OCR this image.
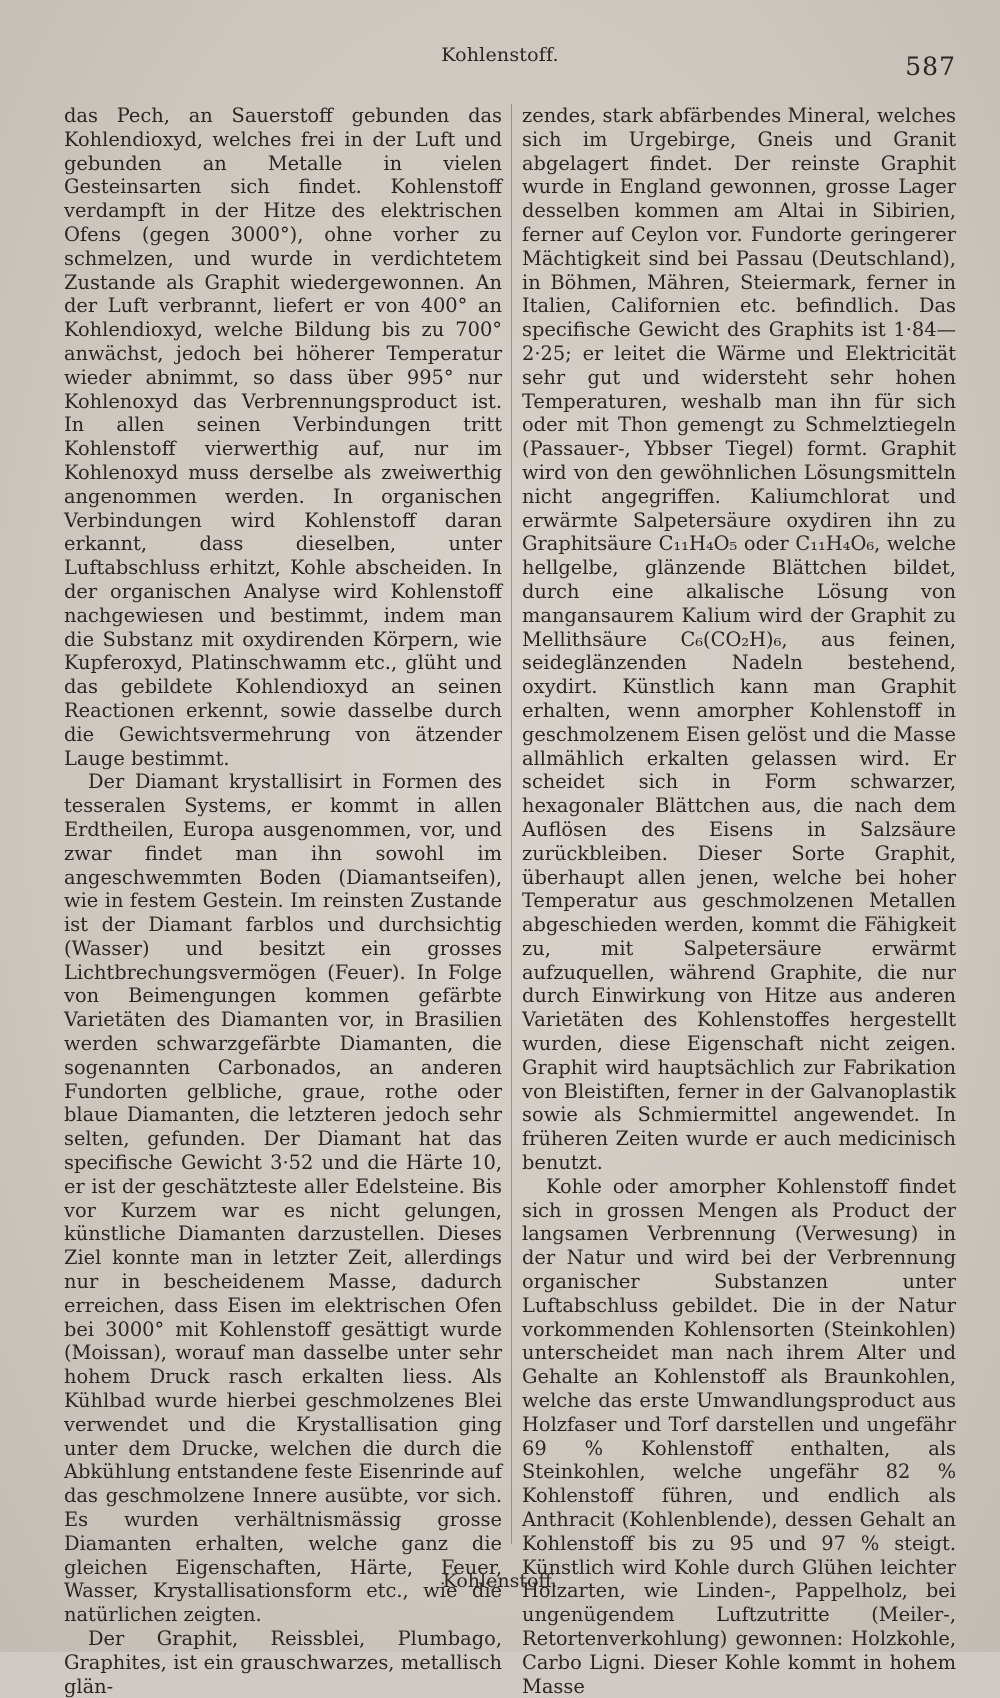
Kohlenstoff.	587

das Pech, an Sauerstoff gebunden das Kohlendioxyd, welches frei in der Luft und gebunden an Metalle in vielen Gesteinsarten sich findet. Kohlenstoff verdampft in der Hitze des elektrischen Ofens (gegen 3000°), ohne vorher zu schmelzen, und wurde in verdichtetem Zustande als Graphit wiedergewonnen. An der Luft verbrannt, liefert er von 400° an Kohlendioxyd, welche Bildung bis zu 700° anwächst, jedoch bei höherer Temperatur wieder abnimmt, so dass über 995° nur Kohlenoxyd das Verbrennungsproduct ist. In allen seinen Verbindungen tritt Kohlenstoff vierwerthig auf, nur im Kohlenoxyd muss derselbe als zweiwerthig angenommen werden. In organischen Verbindungen wird Kohlenstoff daran erkannt, dass dieselben, unter Luftabschluss erhitzt, Kohle abscheiden. In der organischen Analyse wird Kohlenstoff nachgewiesen und bestimmt, indem man die Substanz mit oxydirenden Körpern, wie Kupferoxyd, Platinschwamm etc., glüht und das gebildete Kohlendioxyd an seinen Reactionen erkennt, sowie dasselbe durch die Gewichtsvermehrung von ätzender Lauge bestimmt.

Der Diamant krystallisirt in Formen des tesseralen Systems, er kommt in allen Erdtheilen, Europa ausgenommen, vor, und zwar findet man ihn sowohl im angeschwemmten Boden (Diamantseifen), wie in festem Gestein. Im reinsten Zustande ist der Diamant farblos und durchsichtig (Wasser) und besitzt ein grosses Lichtbrechungsvermögen (Feuer). In Folge von Beimengungen kommen gefärbte Varietäten des Diamanten vor, in Brasilien werden schwarzgefärbte Diamanten, die sogenannten Carbonados, an anderen Fundorten gelbliche, graue, rothe oder blaue Diamanten, die letzteren jedoch sehr selten, gefunden. Der Diamant hat das specifische Gewicht 3·52 und die Härte 10, er ist der geschätzteste aller Edelsteine. Bis vor Kurzem war es nicht gelungen, künstliche Diamanten darzustellen. Dieses Ziel konnte man in letzter Zeit, allerdings nur in bescheidenem Masse, dadurch erreichen, dass Eisen im elektrischen Ofen bei 3000° mit Kohlenstoff gesättigt wurde (Moissan), worauf man dasselbe unter sehr hohem Druck rasch erkalten liess. Als Kühlbad wurde hierbei geschmolzenes Blei verwendet und die Krystallisation ging unter dem Drucke, welchen die durch die Abkühlung entstandene feste Eisenrinde auf das geschmolzene Innere ausübte, vor sich. Es wurden verhältnismässig grosse Diamanten erhalten, welche ganz die gleichen Eigenschaften, Härte, Feuer, Wasser, Krystallisationsform etc., wie die natürlichen zeigten.

Der Graphit, Reissblei, Plumbago, Graphites, ist ein grauschwarzes, metallisch glän-

zendes, stark abfärbendes Mineral, welches sich im Urgebirge, Gneis und Granit abgelagert findet. Der reinste Graphit wurde in England gewonnen, grosse Lager desselben kommen am Altai in Sibirien, ferner auf Ceylon vor. Fundorte geringerer Mächtigkeit sind bei Passau (Deutschland), in Böhmen, Mähren, Steiermark, ferner in Italien, Californien etc. befindlich. Das specifische Gewicht des Graphits ist 1·84—2·25; er leitet die Wärme und Elektricität sehr gut und widersteht sehr hohen Temperaturen, weshalb man ihn für sich oder mit Thon gemengt zu Schmelztiegeln (Passauer-, Ybbser Tiegel) formt. Graphit wird von den gewöhnlichen Lösungsmitteln nicht angegriffen. Kaliumchlorat und erwärmte Salpetersäure oxydiren ihn zu Graphitsäure C₁₁H₄O₅ oder C₁₁H₄O₆, welche hellgelbe, glänzende Blättchen bildet, durch eine alkalische Lösung von mangansaurem Kalium wird der Graphit zu Mellithsäure C₆(CO₂H)₆, aus feinen, seideglänzenden Nadeln bestehend, oxydirt. Künstlich kann man Graphit erhalten, wenn amorpher Kohlenstoff in geschmolzenem Eisen gelöst und die Masse allmählich erkalten gelassen wird. Er scheidet sich in Form schwarzer, hexagonaler Blättchen aus, die nach dem Auflösen des Eisens in Salzsäure zurückbleiben. Dieser Sorte Graphit, überhaupt allen jenen, welche bei hoher Temperatur aus geschmolzenen Metallen abgeschieden werden, kommt die Fähigkeit zu, mit Salpetersäure erwärmt aufzuquellen, während Graphite, die nur durch Einwirkung von Hitze aus anderen Varietäten des Kohlenstoffes hergestellt wurden, diese Eigenschaft nicht zeigen. Graphit wird hauptsächlich zur Fabrikation von Bleistiften, ferner in der Galvanoplastik sowie als Schmiermittel angewendet. In früheren Zeiten wurde er auch medicinisch benutzt.

Kohle oder amorpher Kohlenstoff findet sich in grossen Mengen als Product der langsamen Verbrennung (Verwesung) in der Natur und wird bei der Verbrennung organischer Substanzen unter Luftabschluss gebildet. Die in der Natur vorkommenden Kohlensorten (Steinkohlen) unterscheidet man nach ihrem Alter und Gehalte an Kohlenstoff als Braunkohlen, welche das erste Umwandlungsproduct aus Holzfaser und Torf darstellen und ungefähr 69 % Kohlenstoff enthalten, als Steinkohlen, welche ungefähr 82 % Kohlenstoff führen, und endlich als Anthracit (Kohlenblende), dessen Gehalt an Kohlenstoff bis zu 95 und 97 % steigt. Künstlich wird Kohle durch Glühen leichter Holzarten, wie Linden-, Pappelholz, bei ungenügendem Luftzutritte (Meiler-, Retortenverkohlung) gewonnen: Holzkohle, Carbo Ligni. Dieser Kohle kommt in hohem Masse

Kohlenstoff.
